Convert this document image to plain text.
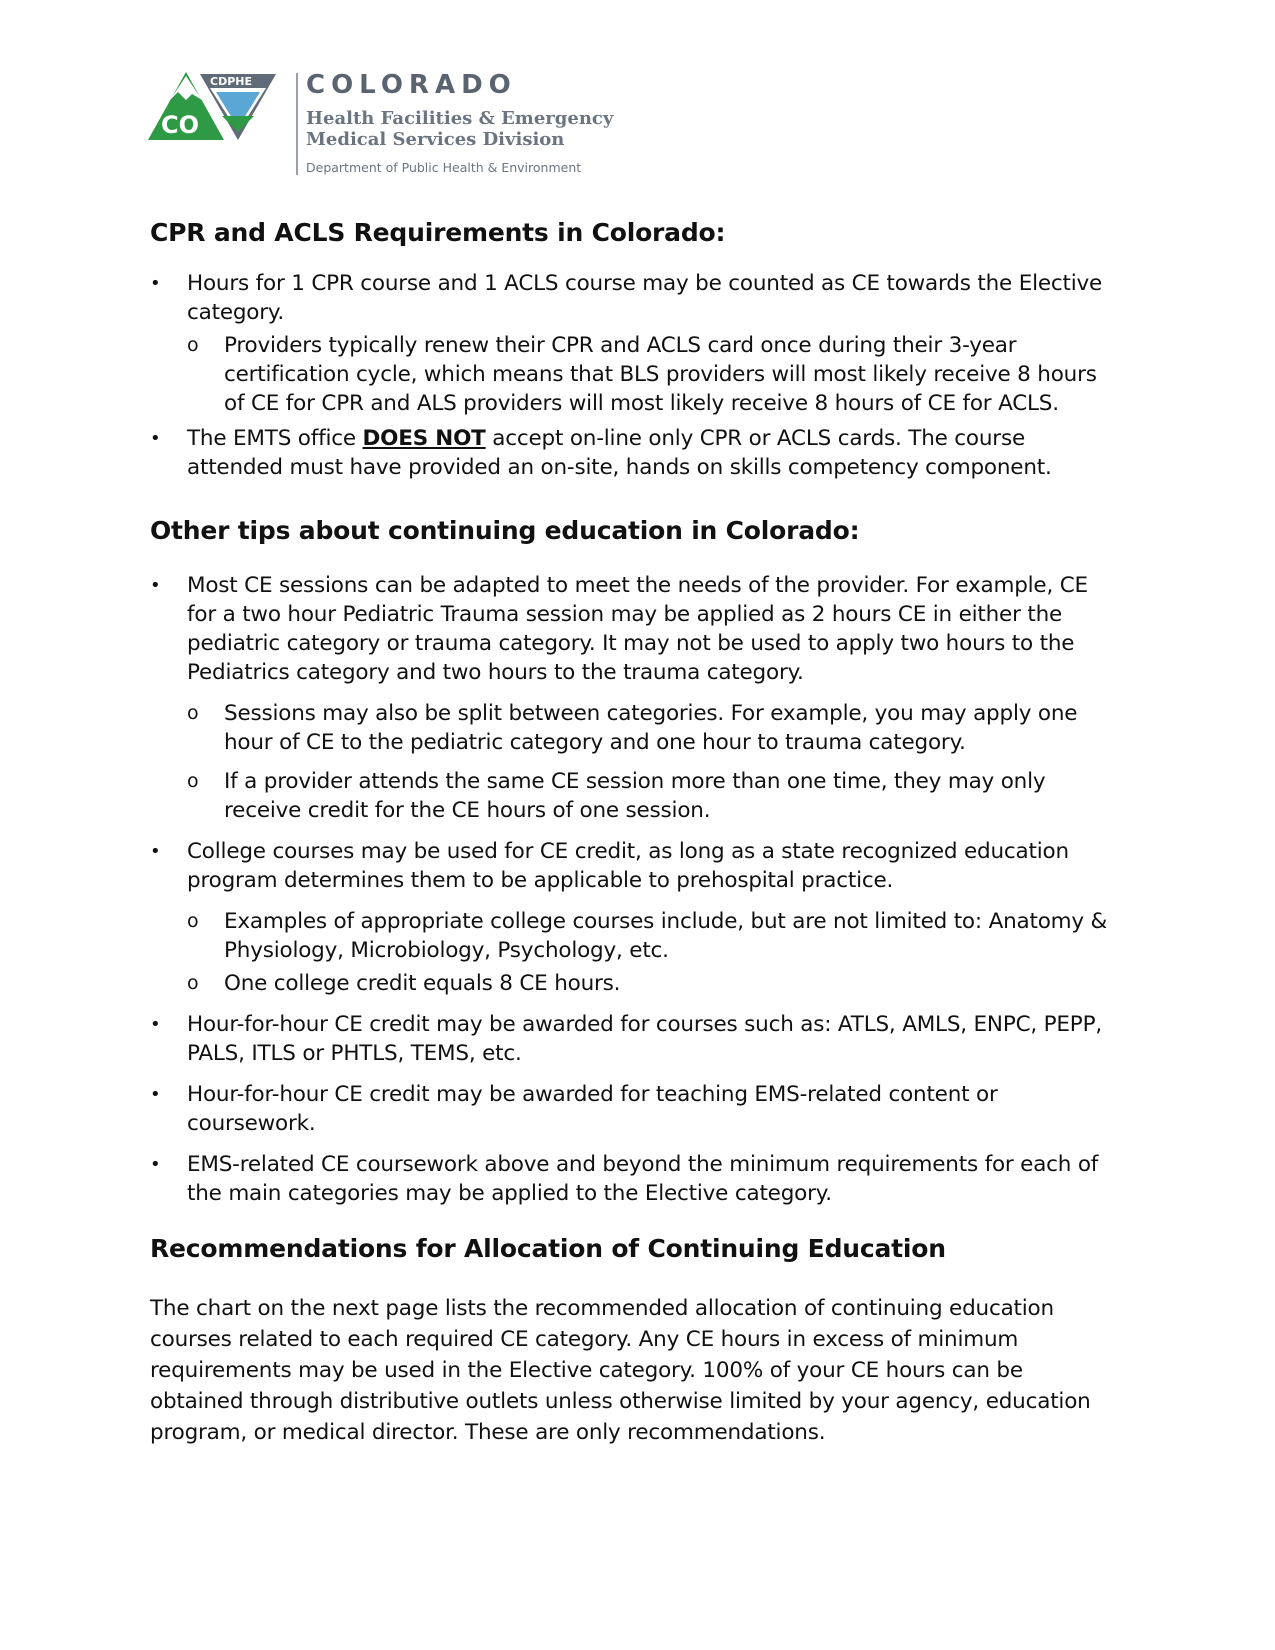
CO
CDPHE COLORADO
Health Facilities & Emergency
Medical Services Division
Department of Public Health & Environment
CPR and ACLS Requirements in Colorado:
• Hours for 1 CPR course and 1 ACLS course may be counted as CE towards the Elective category.
o Providers typically renew their CPR and ACLS card once during their 3-year certification cycle, which means that BLS providers will most likely receive 8 hours of CE for CPR and ALS providers will most likely receive 8 hours of CE for ACLS.
• The EMTS office DOES NOT accept on-line only CPR or ACLS cards. The course attended must have provided an on-site, hands on skills competency component.
Other tips about continuing education in Colorado:
• Most CE sessions can be adapted to meet the needs of the provider. For example, CE for a two hour Pediatric Trauma session may be applied as 2 hours CE in either the pediatric category or trauma category. It may not be used to apply two hours to the Pediatrics category and two hours to the trauma category.
o Sessions may also be split between categories. For example, you may apply one hour of CE to the pediatric category and one hour to trauma category.
o If a provider attends the same CE session more than one time, they may only receive credit for the CE hours of one session.
• College courses may be used for CE credit, as long as a state recognized education program determines them to be applicable to prehospital practice.
o Examples of appropriate college courses include, but are not limited to: Anatomy & Physiology, Microbiology, Psychology, etc.
o One college credit equals 8 CE hours.
• Hour-for-hour CE credit may be awarded for courses such as: ATLS, AMLS, ENPC, PEPP, PALS, ITLS or PHTLS, TEMS, etc.
• Hour-for-hour CE credit may be awarded for teaching EMS-related content or coursework.
• EMS-related CE coursework above and beyond the minimum requirements for each of the main categories may be applied to the Elective category.
Recommendations for Allocation of Continuing Education

The chart on the next page lists the recommended allocation of continuing education courses related to each required CE category. Any CE hours in excess of minimum requirements may be used in the Elective category. 100% of your CE hours can be obtained through distributive outlets unless otherwise limited by your agency, education program, or medical director. These are only recommendations.
